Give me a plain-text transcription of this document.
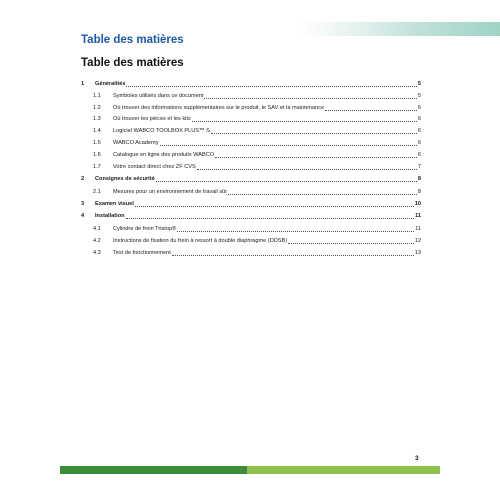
Table des matières
Table des matières
1 Généralités	5
1.1 Symboles utilisés dans ce document	5
1.2 Où trouver des informations supplémentaires sur le produit, le SAV et la maintenance	6
1.3 Où trouver les pièces et les kits	6
1.4 Logiciel WABCO TOOLBOX PLUS™ S	6
1.5 WABCO Academy	6
1.6 Catalogue en ligne des produits WABCO	6
1.7 Votre contact direct chez ZF CVS	7
2 Consignes de sécurité	8
2.1 Mesures pour un environnement de travail sûr	8
3 Examen visuel	10
4 Installation	11
4.1 Cylindre de frein Tristop®	11
4.2 Instructions de fixation du frein à ressort à double diaphragme (DDSB)	12
4.3 Test de fonctionnement	13
3
